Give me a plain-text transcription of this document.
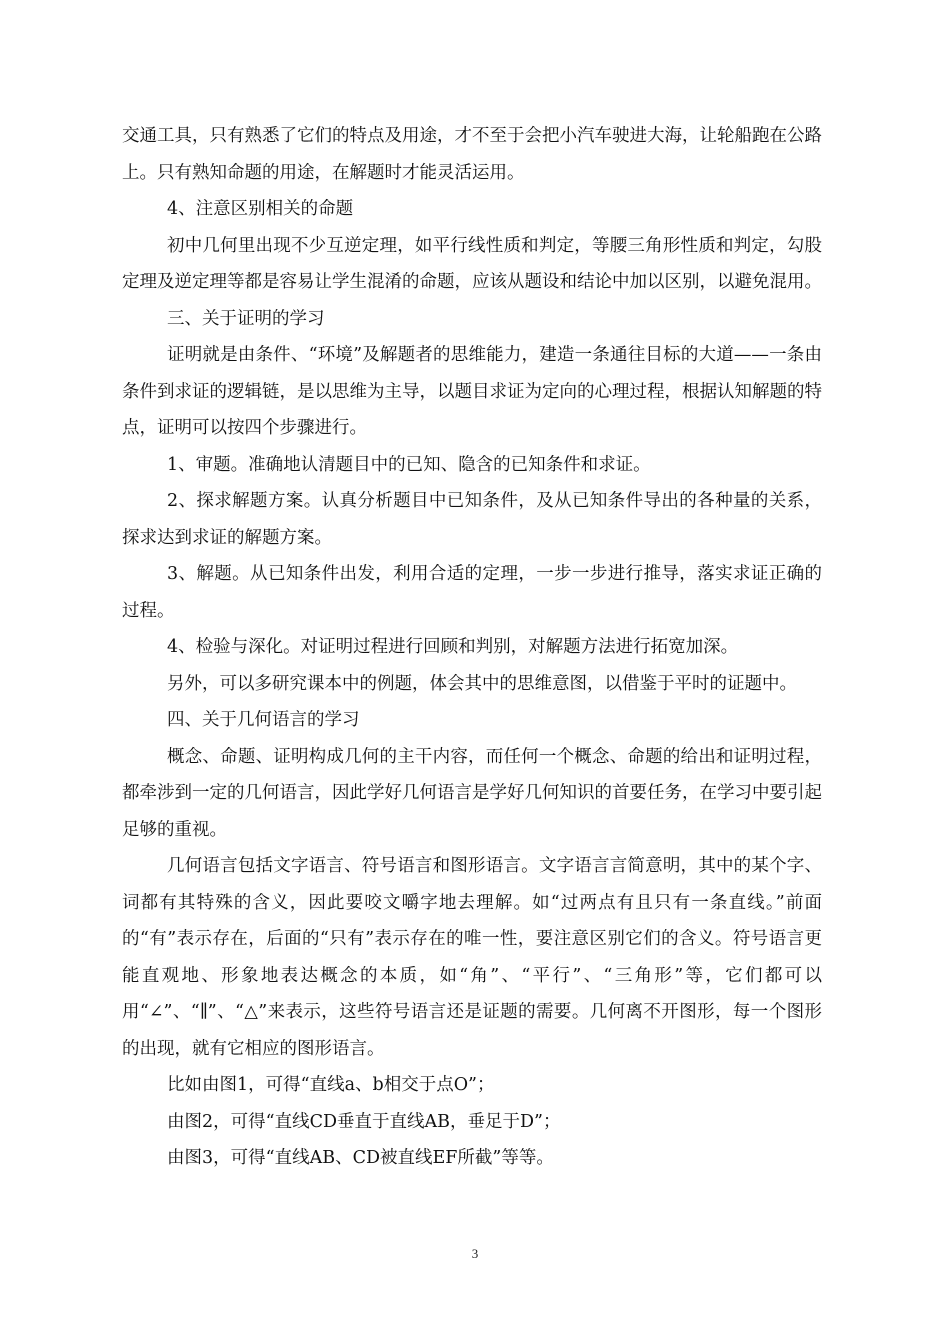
交通工具，只有熟悉了它们的特点及用途，才不至于会把小汽车驶进大海，让轮船跑在公路上。只有熟知命题的用途，在解题时才能灵活运用。

4、注意区别相关的命题

初中几何里出现不少互逆定理，如平行线性质和判定，等腰三角形性质和判定，勾股定理及逆定理等都是容易让学生混淆的命题，应该从题设和结论中加以区别，以避免混用。

三、关于证明的学习

证明就是由条件、“环境”及解题者的思维能力，建造一条通往目标的大道——一条由条件到求证的逻辑链，是以思维为主导，以题目求证为定向的心理过程，根据认知解题的特点，证明可以按四个步骤进行。

1、审题。准确地认清题目中的已知、隐含的已知条件和求证。

2、探求解题方案。认真分析题目中已知条件，及从已知条件导出的各种量的关系，探求达到求证的解题方案。

3、解题。从已知条件出发，利用合适的定理，一步一步进行推导，落实求证正确的过程。

4、检验与深化。对证明过程进行回顾和判别，对解题方法进行拓宽加深。

另外，可以多研究课本中的例题，体会其中的思维意图，以借鉴于平时的证题中。

四、关于几何语言的学习

概念、命题、证明构成几何的主干内容，而任何一个概念、命题的给出和证明过程，都牵涉到一定的几何语言，因此学好几何语言是学好几何知识的首要任务，在学习中要引起足够的重视。

几何语言包括文字语言、符号语言和图形语言。文字语言言简意明，其中的某个字、词都有其特殊的含义，因此要咬文嚼字地去理解。如“过两点有且只有一条直线。”前面的“有”表示存在，后面的“只有”表示存在的唯一性，要注意区别它们的含义。符号语言更能直观地、形象地表达概念的本质，如“角”、“平行”、“三角形”等，它们都可以用“∠”、“∥”、“△”来表示，这些符号语言还是证题的需要。几何离不开图形，每一个图形的出现，就有它相应的图形语言。

比如由图1，可得“直线a、b相交于点O”；

由图2，可得“直线CD垂直于直线AB，垂足于D”；

由图3，可得“直线AB、CD被直线EF所截”等等。

3
